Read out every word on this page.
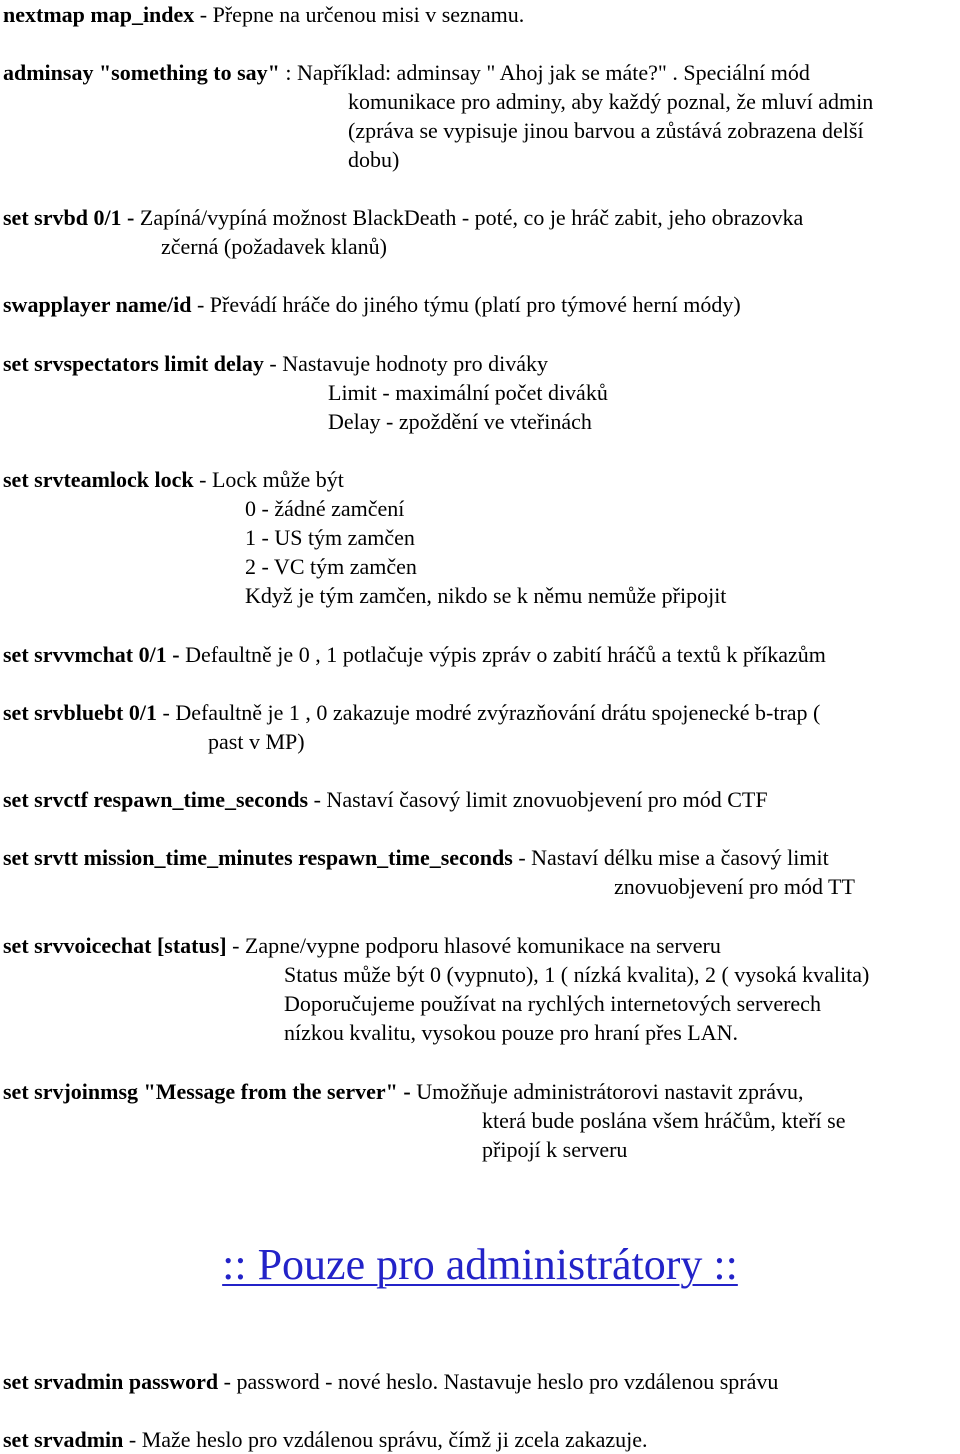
nextmap map_index - Přepne na určenou misi v seznamu.
adminsay "something to say" : Například: adminsay " Ahoj jak se máte?" . Speciální mód
komunikace pro adminy, aby každý poznal, že mluví admin
(zpráva se vypisuje jinou barvou a zůstává zobrazena delší
dobu)
set srvbd 0/1 - Zapíná/vypíná možnost BlackDeath - poté, co je hráč zabit, jeho obrazovka
zčerná (požadavek klanů)
swapplayer name/id - Převádí hráče do jiného týmu (platí pro týmové herní módy)
set srvspectators limit delay - Nastavuje hodnoty pro diváky
Limit - maximální počet diváků
Delay - zpoždění ve vteřinách
set srvteamlock lock - Lock může být
0 - žádné zamčení
1 - US tým zamčen
2 - VC tým zamčen
Když je tým zamčen, nikdo se k němu nemůže připojit
set srvvmchat 0/1 - Defaultně je 0 , 1 potlačuje výpis zpráv o zabití hráčů a textů k příkazům
set srvbluebt 0/1 - Defaultně je 1 , 0 zakazuje modré zvýrazňování drátu spojenecké b-trap (
past v MP)
set srvctf respawn_time_seconds - Nastaví časový limit znovuobjevení pro mód CTF
set srvtt mission_time_minutes respawn_time_seconds - Nastaví délku mise a časový limit
znovuobjevení pro mód TT
set srvvoicechat [status] - Zapne/vypne podporu hlasové komunikace na serveru
Status může být 0 (vypnuto), 1 ( nízká kvalita), 2 ( vysoká kvalita)
Doporučujeme používat na rychlých internetových serverech
nízkou kvalitu, vysokou pouze pro hraní přes LAN.
set srvjoinmsg "Message from the server" - Umožňuje administrátorovi nastavit zprávu,
která bude poslána všem hráčům, kteří se
připojí k serveru
set srvadmin password - password - nové heslo. Nastavuje heslo pro vzdálenou správu
set srvadmin - Maže heslo pro vzdálenou správu, čímž ji zcela zakazuje.
:: Pouze pro administrátory ::
